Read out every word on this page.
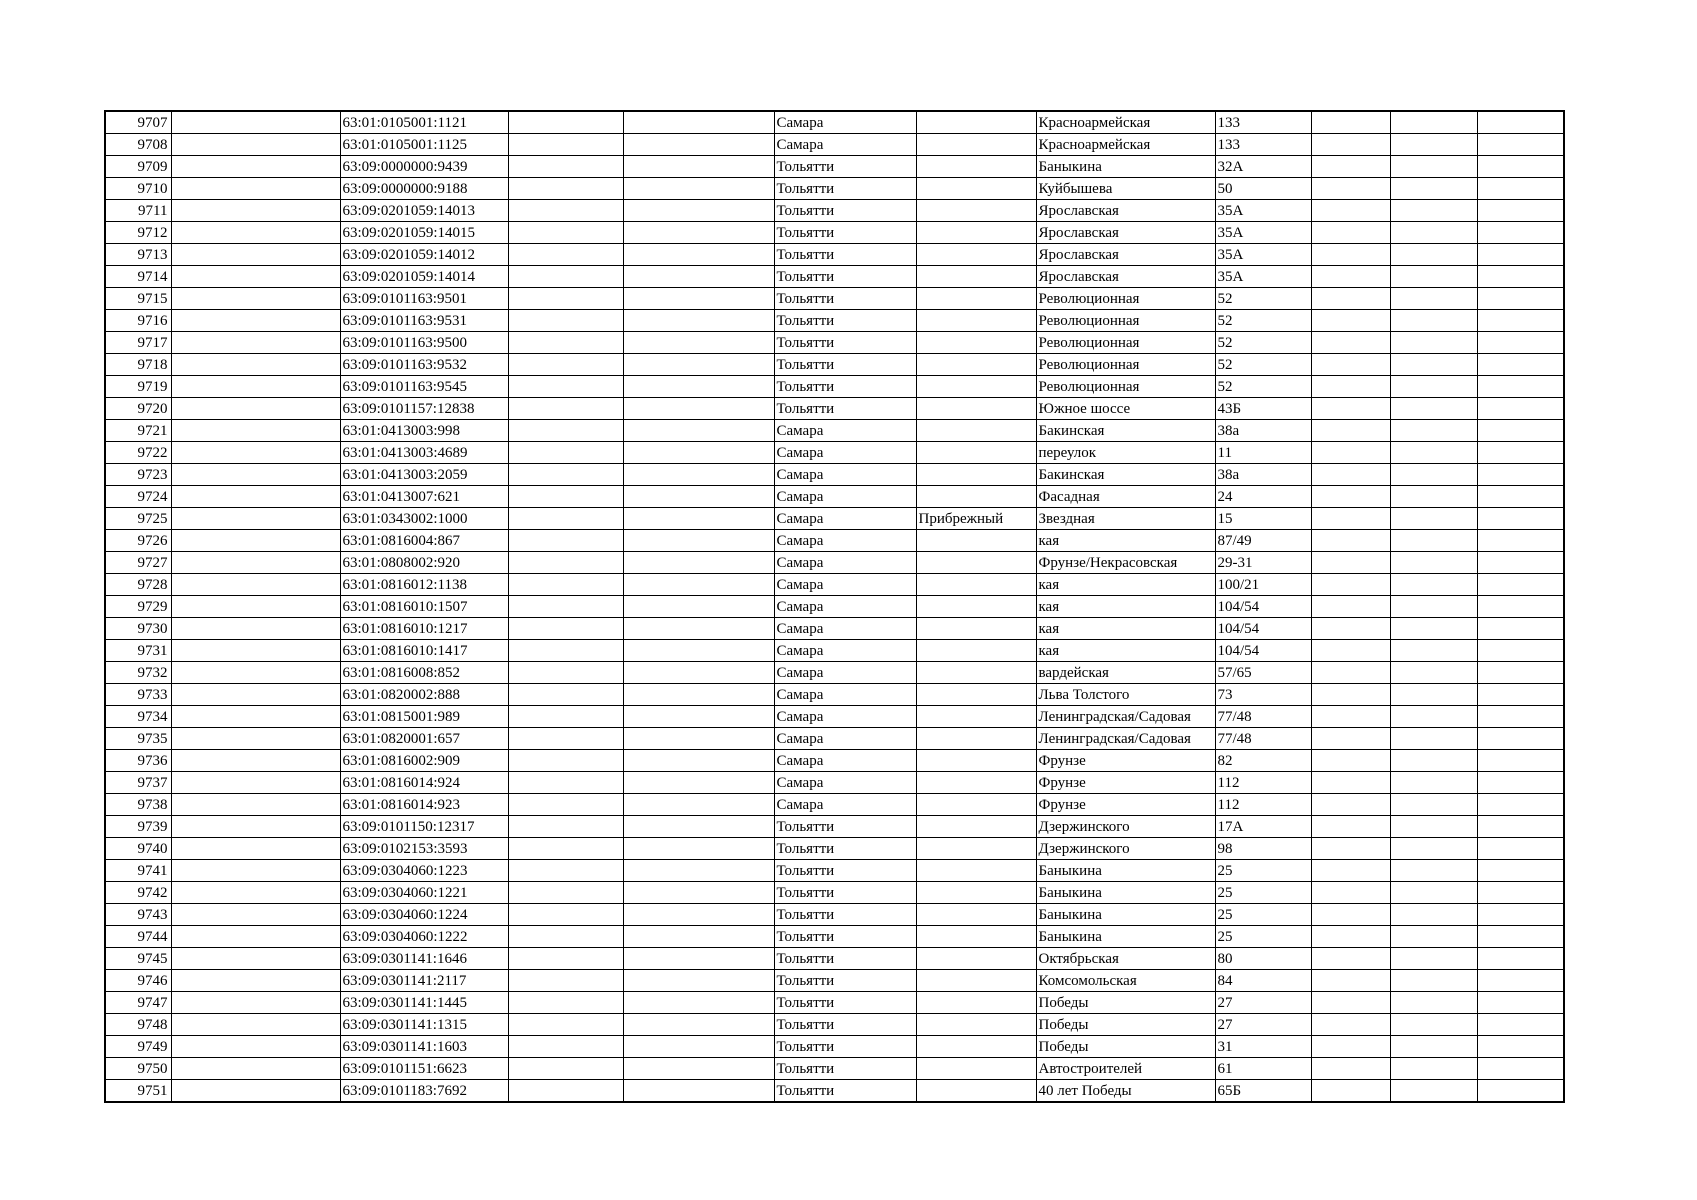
9707		63:01:0105001:1121			Самара		Красноармейская	133			
9708		63:01:0105001:1125			Самара		Красноармейская	133			
9709		63:09:0000000:9439			Тольятти		Баныкина	32А			
9710		63:09:0000000:9188			Тольятти		Куйбышева	50			
9711		63:09:0201059:14013			Тольятти		Ярославская	35А			
9712		63:09:0201059:14015			Тольятти		Ярославская	35А			
9713		63:09:0201059:14012			Тольятти		Ярославская	35А			
9714		63:09:0201059:14014			Тольятти		Ярославская	35А			
9715		63:09:0101163:9501			Тольятти		Революционная	52			
9716		63:09:0101163:9531			Тольятти		Революционная	52			
9717		63:09:0101163:9500			Тольятти		Революционная	52			
9718		63:09:0101163:9532			Тольятти		Революционная	52			
9719		63:09:0101163:9545			Тольятти		Революционная	52			
9720		63:09:0101157:12838			Тольятти		Южное шоссе	43Б			
9721		63:01:0413003:998			Самара		Бакинская	38а			
9722		63:01:0413003:4689			Самара		переулок	11			
9723		63:01:0413003:2059			Самара		Бакинская	38а			
9724		63:01:0413007:621			Самара		Фасадная	24			
9725		63:01:0343002:1000			Самара	Прибрежный	Звездная	15			
9726		63:01:0816004:867			Самара		кая	87/49			
9727		63:01:0808002:920			Самара		Фрунзе/Некрасовская	29-31			
9728		63:01:0816012:1138			Самара		кая	100/21			
9729		63:01:0816010:1507			Самара		кая	104/54			
9730		63:01:0816010:1217			Самара		кая	104/54			
9731		63:01:0816010:1417			Самара		кая	104/54			
9732		63:01:0816008:852			Самара		вардейская	57/65			
9733		63:01:0820002:888			Самара		Льва Толстого	73			
9734		63:01:0815001:989			Самара		Ленинградская/Садовая	77/48			
9735		63:01:0820001:657			Самара		Ленинградская/Садовая	77/48			
9736		63:01:0816002:909			Самара		Фрунзе	82			
9737		63:01:0816014:924			Самара		Фрунзе	112			
9738		63:01:0816014:923			Самара		Фрунзе	112			
9739		63:09:0101150:12317			Тольятти		Дзержинского	17А			
9740		63:09:0102153:3593			Тольятти		Дзержинского	98			
9741		63:09:0304060:1223			Тольятти		Баныкина	25			
9742		63:09:0304060:1221			Тольятти		Баныкина	25			
9743		63:09:0304060:1224			Тольятти		Баныкина	25			
9744		63:09:0304060:1222			Тольятти		Баныкина	25			
9745		63:09:0301141:1646			Тольятти		Октябрьская	80			
9746		63:09:0301141:2117			Тольятти		Комсомольская	84			
9747		63:09:0301141:1445			Тольятти		Победы	27			
9748		63:09:0301141:1315			Тольятти		Победы	27			
9749		63:09:0301141:1603			Тольятти		Победы	31			
9750		63:09:0101151:6623			Тольятти		Автостроителей	61			
9751		63:09:0101183:7692			Тольятти		40 лет Победы	65Б			
